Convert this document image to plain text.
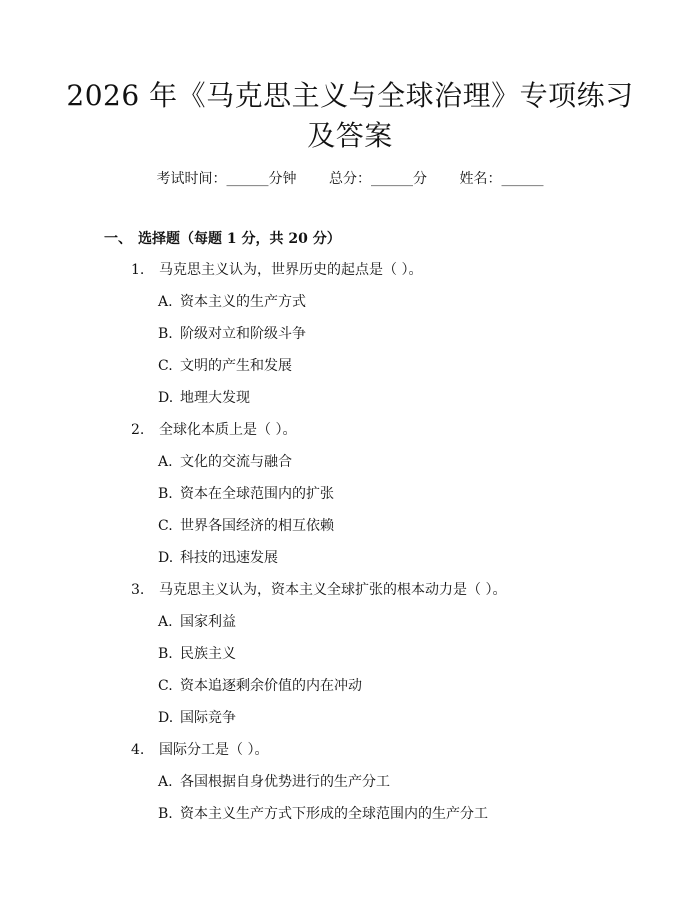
2026 年《马克思主义与全球治理》专项练习
及答案
考试时间：______分钟 总分：______分 姓名：______
一、 选择题（每题 1 分，共 20 分）
1. 马克思主义认为，世界历史的起点是（ ）。
A. 资本主义的生产方式
B. 阶级对立和阶级斗争
C. 文明的产生和发展
D. 地理大发现
2. 全球化本质上是（ ）。
A. 文化的交流与融合
B. 资本在全球范围内的扩张
C. 世界各国经济的相互依赖
D. 科技的迅速发展
3. 马克思主义认为，资本主义全球扩张的根本动力是（ ）。
A. 国家利益
B. 民族主义
C. 资本追逐剩余价值的内在冲动
D. 国际竞争
4. 国际分工是（ ）。
A. 各国根据自身优势进行的生产分工
B. 资本主义生产方式下形成的全球范围内的生产分工
